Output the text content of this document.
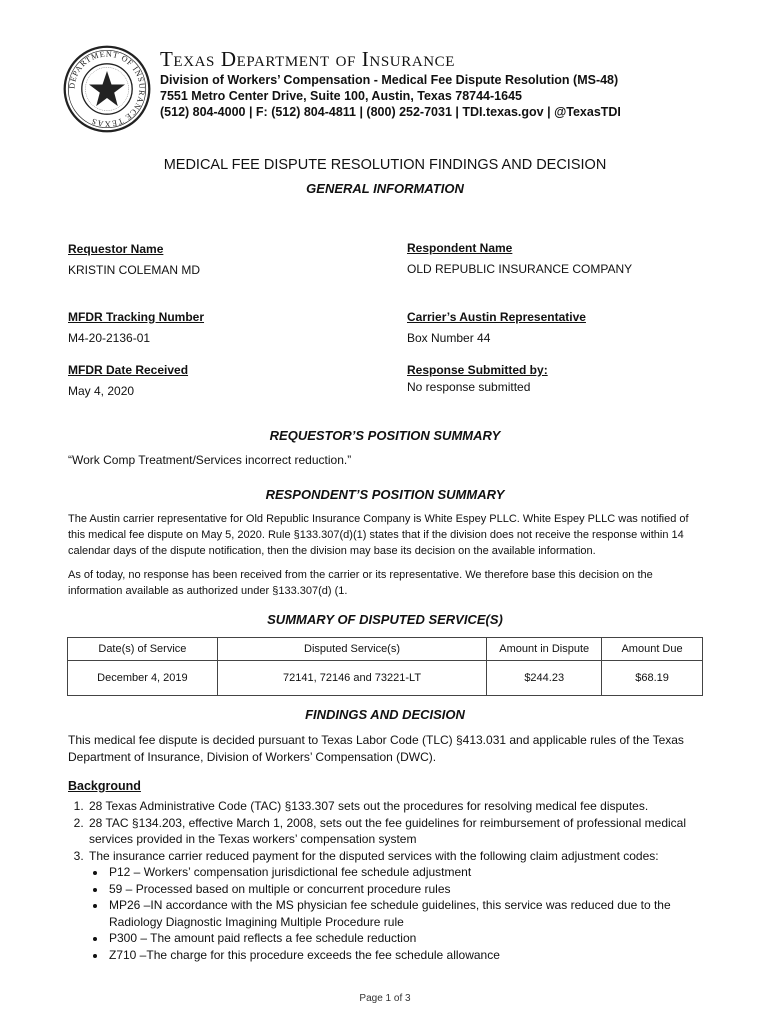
DEPARTMENT OF INSURANCE TEXAS
Texas Department of Insurance
Division of Workers’ Compensation - Medical Fee Dispute Resolution (MS-48)
7551 Metro Center Drive, Suite 100, Austin, Texas 78744-1645
(512) 804-4000 | F: (512) 804-4811 | (800) 252-7031 | TDI.texas.gov | @TexasTDI
MEDICAL FEE DISPUTE RESOLUTION FINDINGS AND DECISION
GENERAL INFORMATION
Requestor Name
KRISTIN COLEMAN MD
Respondent Name
OLD REPUBLIC INSURANCE COMPANY
MFDR Tracking Number
M4-20-2136-01
Carrier’s Austin Representative
Box Number 44
MFDR Date Received
May 4, 2020
Response Submitted by:
No response submitted
REQUESTOR’S POSITION SUMMARY
“Work Comp Treatment/Services incorrect reduction.”
RESPONDENT’S POSITION SUMMARY
The Austin carrier representative for Old Republic Insurance Company is White Espey PLLC. White Espey PLLC was notified of this medical fee dispute on May 5, 2020. Rule §133.307(d)(1) states that if the division does not receive the response within 14 calendar days of the dispute notification, then the division may base its decision on the available information.
As of today, no response has been received from the carrier or its representative. We therefore base this decision on the information available as authorized under §133.307(d) (1.
SUMMARY OF DISPUTED SERVICE(S)
Date(s) of Service	Disputed Service(s)	Amount in Dispute	Amount Due
December 4, 2019	72141, 72146 and 73221-LT	$244.23	$68.19
FINDINGS AND DECISION
This medical fee dispute is decided pursuant to Texas Labor Code (TLC) §413.031 and applicable rules of the Texas Department of Insurance, Division of Workers’ Compensation (DWC).
Background
1. 28 Texas Administrative Code (TAC) §133.307 sets out the procedures for resolving medical fee disputes.
2. 28 TAC §134.203, effective March 1, 2008, sets out the fee guidelines for reimbursement of professional medical services provided in the Texas workers’ compensation system
3. The insurance carrier reduced payment for the disputed services with the following claim adjustment codes:
• P12 – Workers’ compensation jurisdictional fee schedule adjustment
• 59 – Processed based on multiple or concurrent procedure rules
• MP26 –IN accordance with the MS physician fee schedule guidelines, this service was reduced due to the Radiology Diagnostic Imagining Multiple Procedure rule
• P300 – The amount paid reflects a fee schedule reduction
• Z710 –The charge for this procedure exceeds the fee schedule allowance
Page 1 of 3
